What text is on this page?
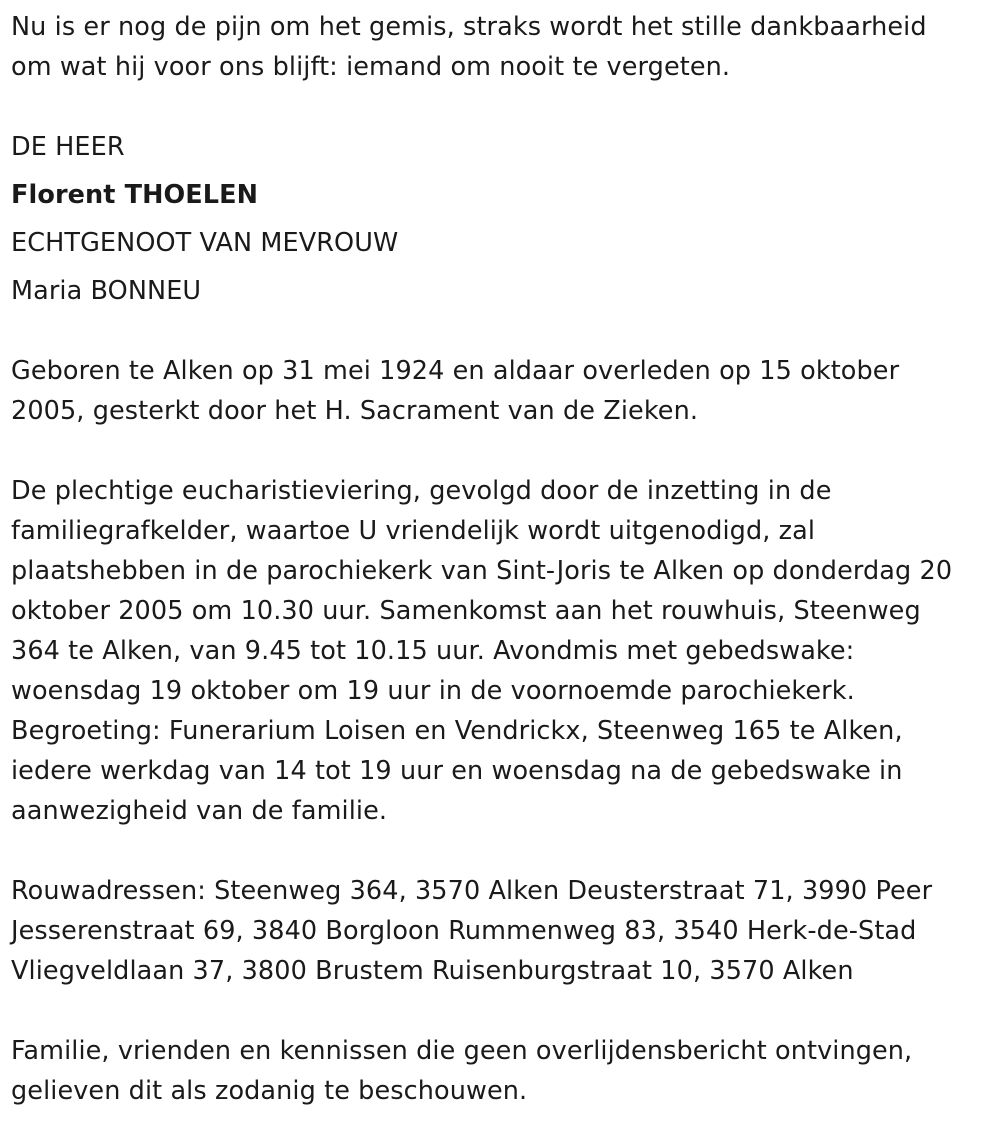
Nu is er nog de pijn om het gemis, straks wordt het stille dankbaarheid
om wat hij voor ons blijft: iemand om nooit te vergeten.
DE HEER
Florent THOELEN
ECHTGENOOT VAN MEVROUW
Maria BONNEU
Geboren te Alken op 31 mei 1924 en aldaar overleden op 15 oktober
2005, gesterkt door het H. Sacrament van de Zieken.
De plechtige eucharistieviering, gevolgd door de inzetting in de
familiegrafkelder, waartoe U vriendelijk wordt uitgenodigd, zal
plaatshebben in de parochiekerk van Sint-Joris te Alken op donderdag 20
oktober 2005 om 10.30 uur. Samenkomst aan het rouwhuis, Steenweg
364 te Alken, van 9.45 tot 10.15 uur. Avondmis met gebedswake:
woensdag 19 oktober om 19 uur in de voornoemde parochiekerk.
Begroeting: Funerarium Loisen en Vendrickx, Steenweg 165 te Alken,
iedere werkdag van 14 tot 19 uur en woensdag na de gebedswake in
aanwezigheid van de familie.
Rouwadressen: Steenweg 364, 3570 Alken Deusterstraat 71, 3990 Peer
Jesserenstraat 69, 3840 Borgloon Rummenweg 83, 3540 Herk-de-Stad
Vliegveldlaan 37, 3800 Brustem Ruisenburgstraat 10, 3570 Alken
Familie, vrienden en kennissen die geen overlijdensbericht ontvingen,
gelieven dit als zodanig te beschouwen.
